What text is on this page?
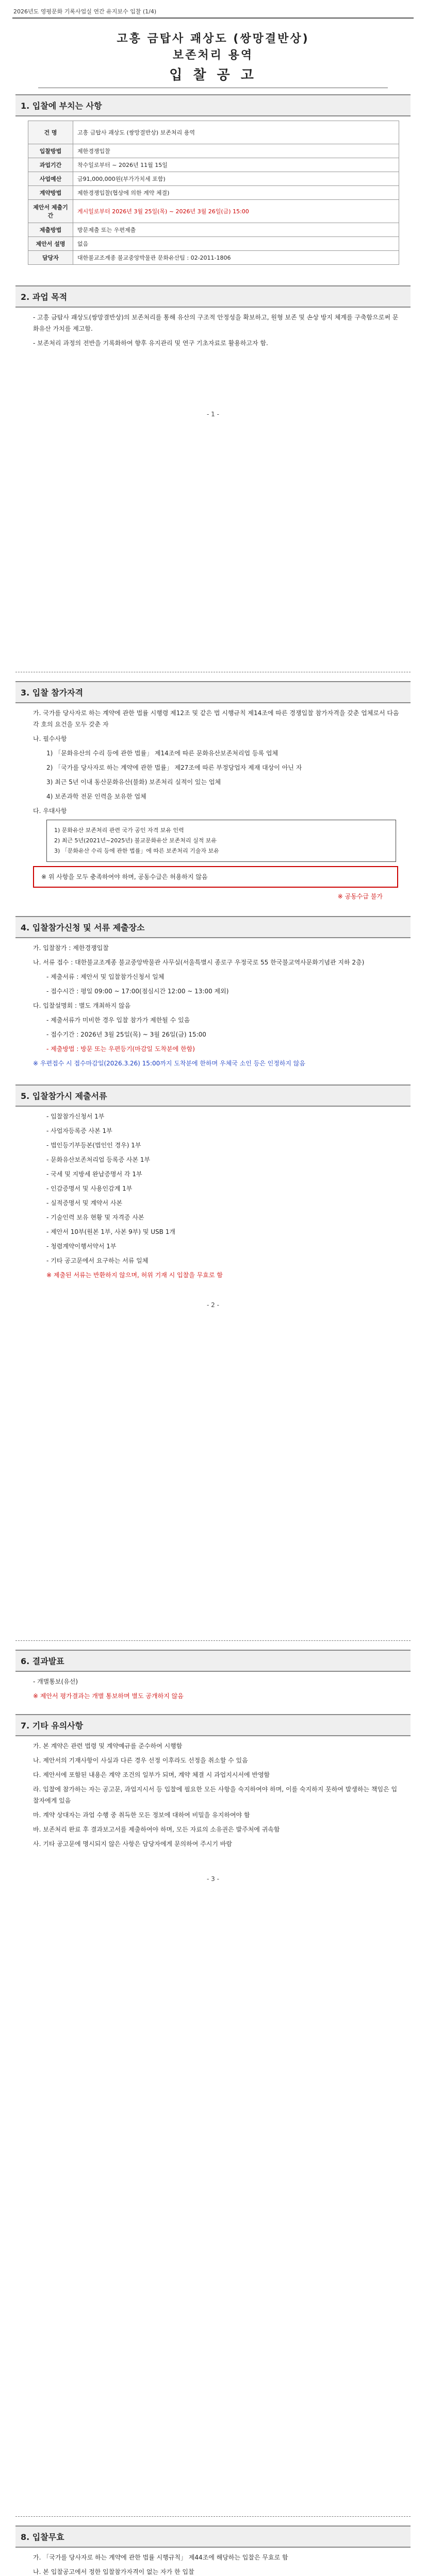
2026년도 영평문화 기록사업실 연간 유지보수 입찰 (1/4)
고흥 금탑사 괘상도 (쌍망결반상)
보존처리 용역
입 찰 공 고
1. 입찰에 부치는 사항
건 명	고흥 금탑사 괘상도 (쌍망결반상) 보존처리 용역
입찰방법	제한경쟁입찰
과업기간	착수일로부터 ~ 2026년 11월 15일
사업예산	금91,000,000원(부가가치세 포함)
계약방법	제한경쟁입찰(협상에 의한 계약 체결)
제안서 제출기간	게시일로부터 2026년 3월 25일(목) ~ 2026년 3월 26일(금) 15:00
제출방법	방문제출 또는 우편제출
제안서 설명	없음
담당자	대한불교조계종 불교중앙박물관 문화유산팀 : 02-2011-1806
2. 과업 목적

- 고흥 금탑사 괘상도(쌍망결반상)의 보존처리를 통해 유산의 구조적 안정성을 확보하고, 원형 보존 및 손상 방지 체계를 구축함으로써 문화유산 가치를 제고함.

- 보존처리 과정의 전반을 기록화하여 향후 유지관리 및 연구 기초자료로 활용하고자 함.

- 1 -
3. 입찰 참가자격

가. 국가를 당사자로 하는 계약에 관한 법률 시행령 제12조 및 같은 법 시행규칙 제14조에 따른 경쟁입찰 참가자격을 갖춘 업체로서 다음 각 호의 요건을 모두 갖춘 자

나. 필수사항

1) 「문화유산의 수리 등에 관한 법률」 제14조에 따른 문화유산보존처리업 등록 업체

2) 「국가를 당사자로 하는 계약에 관한 법률」 제27조에 따른 부정당업자 제재 대상이 아닌 자

3) 최근 5년 이내 동산문화유산(불화) 보존처리 실적이 있는 업체

4) 보존과학 전문 인력을 보유한 업체

다. 우대사항

1) 문화유산 보존처리 관련 국가 공인 자격 보유 인력
2) 최근 5년(2021년~2025년) 불교문화유산 보존처리 실적 보유
3) 「문화유산 수리 등에 관한 법률」에 따른 보존처리 기술자 보유
※ 위 사항을 모두 충족하여야 하며, 공동수급은 허용하지 않음
※ 공동수급 불가
4. 입찰참가신청 및 서류 제출장소

가. 입찰참가 : 제한경쟁입찰

나. 서류 접수 : 대한불교조계종 불교중앙박물관 사무실(서울특별시 종로구 우정국로 55 한국불교역사문화기념관 지하 2층)

- 제출서류 : 제안서 및 입찰참가신청서 일체

- 접수시간 : 평일 09:00 ~ 17:00(점심시간 12:00 ~ 13:00 제외)

다. 입찰설명회 : 별도 개최하지 않음

- 제출서류가 미비한 경우 입찰 참가가 제한될 수 있음

- 접수기간 : 2026년 3월 25일(목) ~ 3월 26일(금) 15:00

- 제출방법 : 방문 또는 우편등기(마감일 도착분에 한함)

※ 우편접수 시 접수마감일(2026.3.26) 15:00까지 도착분에 한하며 우체국 소인 등은 인정하지 않음

5. 입찰참가시 제출서류

- 입찰참가신청서 1부

- 사업자등록증 사본 1부

- 법인등기부등본(법인인 경우) 1부

- 문화유산보존처리업 등록증 사본 1부

- 국세 및 지방세 완납증명서 각 1부

- 인감증명서 및 사용인감계 1부

- 실적증명서 및 계약서 사본

- 기술인력 보유 현황 및 자격증 사본

- 제안서 10부(원본 1부, 사본 9부) 및 USB 1개

- 청렴계약이행서약서 1부

- 기타 공고문에서 요구하는 서류 일체

※ 제출된 서류는 반환하지 않으며, 허위 기재 시 입찰을 무효로 함

- 2 -
6. 결과발표

- 개별통보(유선)

※ 제안서 평가결과는 개별 통보하며 별도 공개하지 않음

7. 기타 유의사항

가. 본 계약은 관련 법령 및 계약예규를 준수하여 시행함

나. 제안서의 기재사항이 사실과 다른 경우 선정 이후라도 선정을 취소할 수 있음

다. 제안서에 포함된 내용은 계약 조건의 일부가 되며, 계약 체결 시 과업지시서에 반영함

라. 입찰에 참가하는 자는 공고문, 과업지시서 등 입찰에 필요한 모든 사항을 숙지하여야 하며, 이를 숙지하지 못하여 발생하는 책임은 입찰자에게 있음

마. 계약 상대자는 과업 수행 중 취득한 모든 정보에 대하여 비밀을 유지하여야 함

바. 보존처리 완료 후 결과보고서를 제출하여야 하며, 모든 자료의 소유권은 발주처에 귀속함

사. 기타 공고문에 명시되지 않은 사항은 담당자에게 문의하여 주시기 바람

- 3 -
8. 입찰무효

가. 「국가를 당사자로 하는 계약에 관한 법률 시행규칙」 제44조에 해당하는 입찰은 무효로 함

나. 본 입찰공고에서 정한 입찰참가자격이 없는 자가 한 입찰
